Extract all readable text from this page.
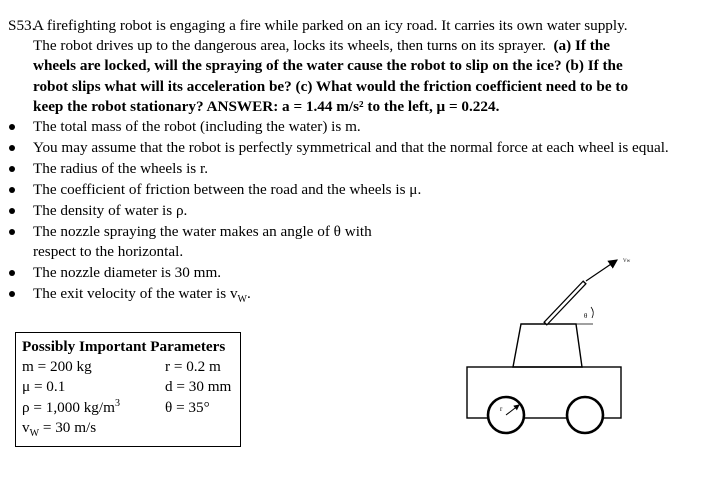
S53.A firefighting robot is engaging a fire while parked on an icy road. It carries its own water supply.
The robot drives up to the dangerous area, locks its wheels, then turns on its sprayer. (a) If the
wheels are locked, will the spraying of the water cause the robot to slip on the ice? (b) If the
robot slips what will its acceleration be? (c) What would the friction coefficient need to be to
keep the robot stationary? ANSWER: a = 1.44 m/s² to the left, μ = 0.224.
The total mass of the robot (including the water) is m.
You may assume that the robot is perfectly symmetrical and that the normal force at each wheel is equal.
The radius of the wheels is r.
The coefficient of friction between the road and the wheels is μ.
The density of water is ρ.
The nozzle spraying the water makes an angle of θ with respect to the horizontal.
The nozzle diameter is 30 mm.
The exit velocity of the water is $v_W$.
Possibly Important Parameters
m = 200 kg	r = 0.2 m
μ = 0.1	d = 30 mm
ρ = 1,000 $kg/m^3$	θ = 35°
$v_W = 30$ m/s
Vw
θ
r
